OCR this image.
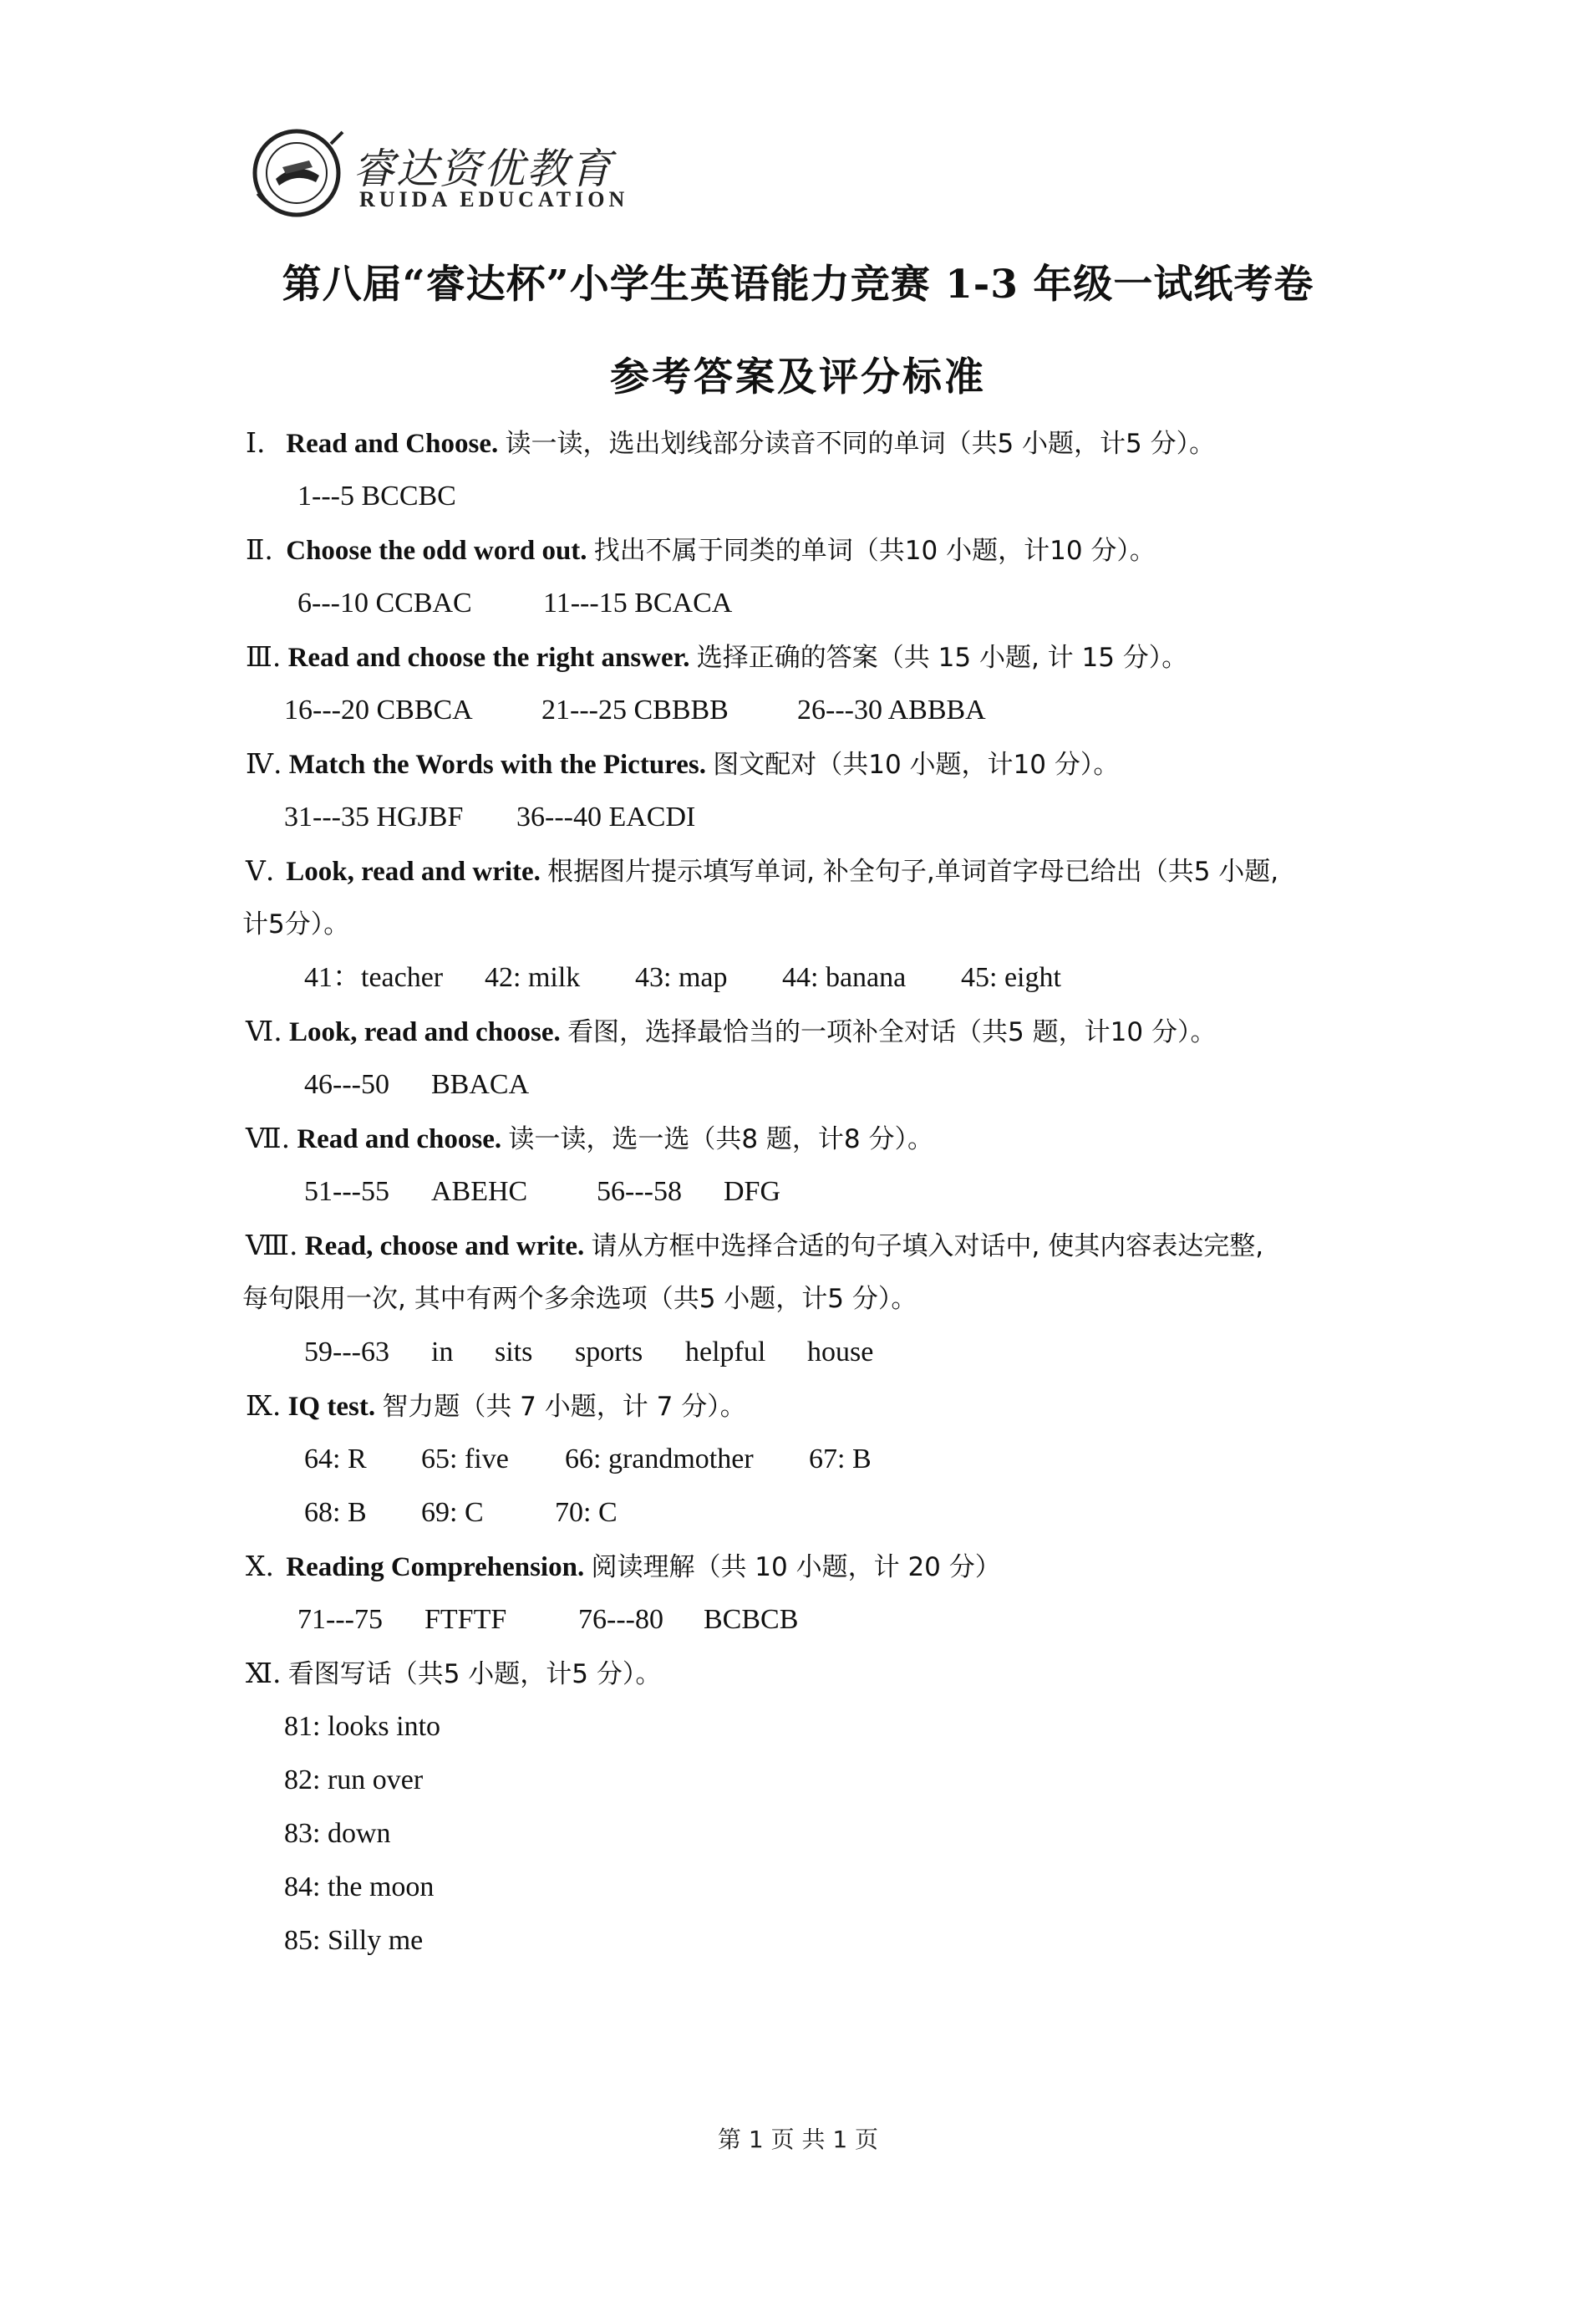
睿达资优教育
RUIDA EDUCATION
第八届“睿达杯”小学生英语能力竞赛 1-3 年级一试纸考卷
参考答案及评分标准
Ⅰ. Read and Choose. 读一读，选出划线部分读音不同的单词（共5 小题，计5 分）。
1---5 BCCBC
Ⅱ. Choose the odd word out. 找出不属于同类的单词（共10 小题，计10 分）。
6---10 CCBAC	11---15 BCACA
Ⅲ. Read and choose the right answer. 选择正确的答案（共 15 小题, 计 15 分）。
16---20 CBBCA 21---25 CBBBB 26---30 ABBBA
Ⅳ. Match the Words with the Pictures. 图文配对（共10 小题，计10 分）。
31---35 HGJBF 36---40 EACDI
Ⅴ. Look, read and write. 根据图片提示填写单词, 补全句子,单词首字母已给出（共5 小题,
计5分）。
41：teacher 42: milk 43: map 44: banana 45: eight
Ⅵ. Look, read and choose. 看图，选择最恰当的一项补全对话（共5 题，计10 分）。
46---50 BBACA
Ⅶ. Read and choose. 读一读，选一选（共8 题，计8 分）。
51---55 ABEHC 56---58 DFG
Ⅷ. Read, choose and write. 请从方框中选择合适的句子填入对话中, 使其内容表达完整,
每句限用一次, 其中有两个多余选项（共5 小题，计5 分）。
59---63 in sits sports helpful house
Ⅸ. IQ test. 智力题（共 7 小题，计 7 分）。
64: R 65: five 66: grandmother 67: B
68: B 69: C	70: C
Ⅹ. Reading Comprehension. 阅读理解（共 10 小题，计 20 分）
71---75 FTFTF	76---80 BCBCB
Ⅺ. 看图写话（共5 小题，计5 分）。
81: looks into
82: run over
83: down
84: the moon
85: Silly me
第 1 页 共 1 页
